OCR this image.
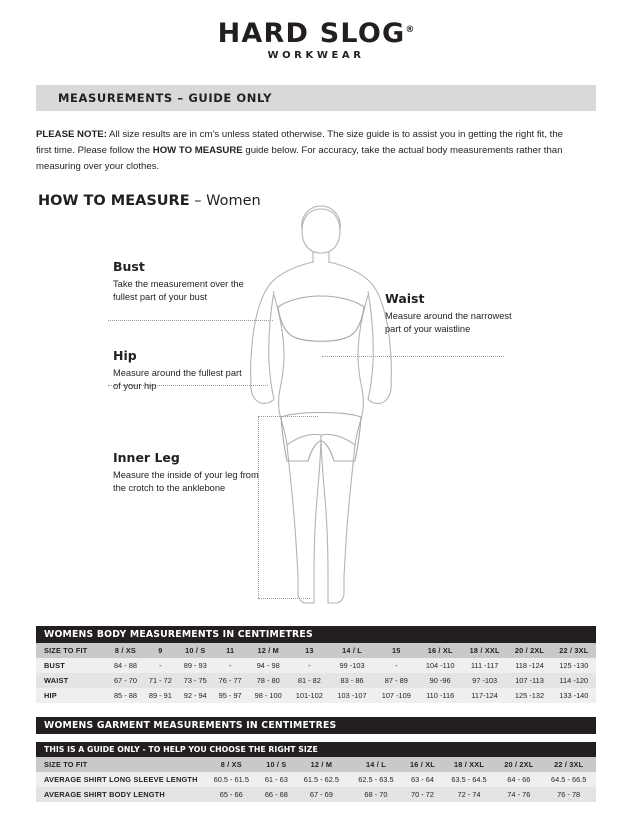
HARD SLOG®
WORKWEAR
MEASUREMENTS – GUIDE ONLY
PLEASE NOTE: All size results are in cm’s unless stated otherwise. The size guide is to assist you in getting the right fit, the first time. Please follow the HOW TO MEASURE guide below. For accuracy, take the actual body measurements rather than measuring over your clothes.
HOW TO MEASURE – Women
Bust
Take the measurement over the fullest part of your bust	Waist
Measure around the narrowest part of your waistline
Hip
Measure around the fullest part of your hip
Inner Leg
Measure the inside of your leg from the crotch to the anklebone
WOMENS BODY MEASUREMENTS IN CENTIMETRES
SIZE TO FIT	8 / XS	9	10 / S	11	12 / M	13	14 / L	15	16 / XL	18 / XXL	20 / 2XL	22 / 3XL
BUST	84 - 88	-	89 - 93	-	94 - 98	-	99 -103	-	104 -110	111 -117	118 -124	125 -130
WAIST	67 - 70	71 - 72	73 - 75	76 - 77	78 - 80	81 - 82	83 - 86	87 - 89	90 -96	97 -103	107 -113	114 -120
HIP	85 - 88	89 - 91	92 - 94	95 - 97	98 - 100	101-102	103 -107	107 -109	110 -116	117-124	125 -132	133 -140
WOMENS GARMENT MEASUREMENTS IN CENTIMETRES
THIS IS A GUIDE ONLY - TO HELP YOU CHOOSE THE RIGHT SIZE
SIZE TO FIT	8 / XS	10 / S	12 / M	14 / L	16 / XL	18 / XXL	20 / 2XL	22 / 3XL
AVERAGE SHIRT LONG SLEEVE LENGTH	60.5 - 61.5	61 - 63	61.5 - 62.5	62.5 - 63.5	63 - 64	63.5 - 64.5	64 - 66	64.5 - 66.5
AVERAGE SHIRT BODY LENGTH	65 - 66	66 - 68	67 - 69	68 - 70	70 - 72	72 - 74	74 - 76	76 - 78
